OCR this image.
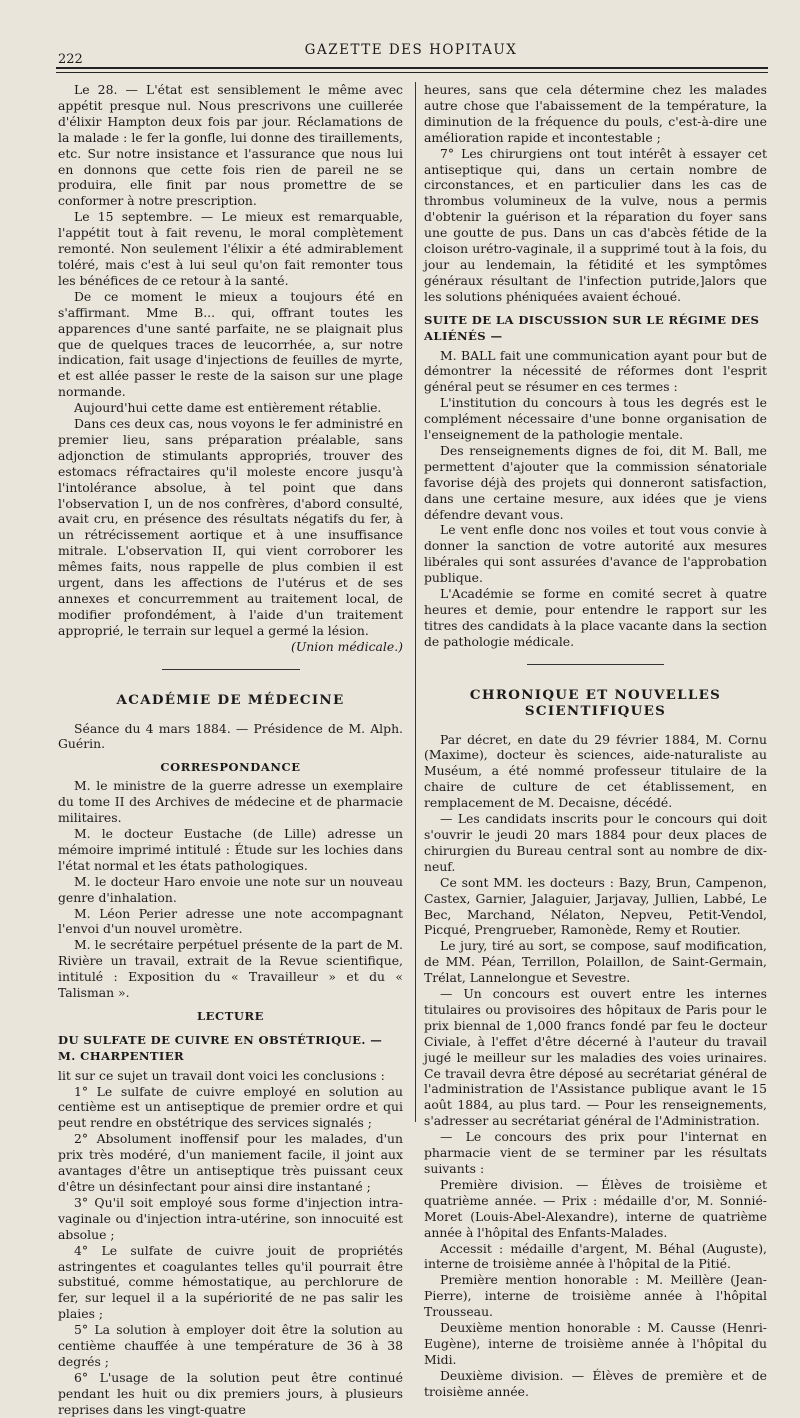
222
GAZETTE DES HOPITAUX

Le 28. — L'état est sensiblement le même avec appétit presque nul. Nous prescrivons une cuillerée d'élixir Hampton deux fois par jour. Réclamations de la malade : le fer la gonfle, lui donne des tiraillements, etc. Sur notre insistance et l'assurance que nous lui en donnons que cette fois rien de pareil ne se produira, elle finit par nous promettre de se conformer à notre prescription.

Le 15 septembre. — Le mieux est remarquable, l'appétit tout à fait revenu, le moral complètement remonté. Non seulement l'élixir a été admirablement toléré, mais c'est à lui seul qu'on fait remonter tous les bénéfices de ce retour à la santé.

De ce moment le mieux a toujours été en s'affirmant. Mme B... qui, offrant toutes les apparences d'une santé parfaite, ne se plaignait plus que de quelques traces de leucorrhée, a, sur notre indication, fait usage d'injections de feuilles de myrte, et est allée passer le reste de la saison sur une plage normande.

Aujourd'hui cette dame est entièrement rétablie.

Dans ces deux cas, nous voyons le fer administré en premier lieu, sans préparation préalable, sans adjonction de stimulants appropriés, trouver des estomacs réfractaires qu'il moleste encore jusqu'à l'intolérance absolue, à tel point que dans l'observation I, un de nos confrères, d'abord consulté, avait cru, en présence des résultats négatifs du fer, à un rétrécissement aortique et à une insuffisance mitrale. L'observation II, qui vient corroborer les mêmes faits, nous rappelle de plus combien il est urgent, dans les affections de l'utérus et de ses annexes et concurremment au traitement local, de modifier profondément, à l'aide d'un traitement approprié, le terrain sur lequel a germé la lésion.

(Union médicale.)

ACADÉMIE DE MÉDECINE

Séance du 4 mars 1884. — Présidence de M. Alph. Guérin.

CORRESPONDANCE

M. le ministre de la guerre adresse un exemplaire du tome II des Archives de médecine et de pharmacie militaires.

M. le docteur Eustache (de Lille) adresse un mémoire imprimé intitulé : Étude sur les lochies dans l'état normal et les états pathologiques.

M. le docteur Haro envoie une note sur un nouveau genre d'inhalation.

M. Léon Perier adresse une note accompagnant l'envoi d'un nouvel uromètre.

M. le secrétaire perpétuel présente de la part de M. Rivière un travail, extrait de la Revue scientifique, intitulé : Exposition du « Travailleur » et du « Talisman ».

LECTURE
DU SULFATE DE CUIVRE EN OBSTÉTRIQUE. — M. CHARPENTIER

lit sur ce sujet un travail dont voici les conclusions :

1° Le sulfate de cuivre employé en solution au centième est un antiseptique de premier ordre et qui peut rendre en obstétrique des services signalés ;

2° Absolument inoffensif pour les malades, d'un prix très modéré, d'un maniement facile, il joint aux avantages d'être un antiseptique très puissant ceux d'être un désinfectant pour ainsi dire instantané ;

3° Qu'il soit employé sous forme d'injection intra-vaginale ou d'injection intra-utérine, son innocuité est absolue ;

4° Le sulfate de cuivre jouit de propriétés astringentes et coagulantes telles qu'il pourrait être substitué, comme hémostatique, au perchlorure de fer, sur lequel il a la supériorité de ne pas salir les plaies ;

5° La solution à employer doit être la solution au centième chauffée à une température de 36 à 38 degrés ;

6° L'usage de la solution peut être continué pendant les huit ou dix premiers jours, à plusieurs reprises dans les vingt-quatre

heures, sans que cela détermine chez les malades autre chose que l'abaissement de la température, la diminution de la fréquence du pouls, c'est-à-dire une amélioration rapide et incontestable ;

7° Les chirurgiens ont tout intérêt à essayer cet antiseptique qui, dans un certain nombre de circonstances, et en particulier dans les cas de thrombus volumineux de la vulve, nous a permis d'obtenir la guérison et la réparation du foyer sans une goutte de pus. Dans un cas d'abcès fétide de la cloison urétro-vaginale, il a supprimé tout à la fois, du jour au lendemain, la fétidité et les symptômes généraux résultant de l'infection putride,]alors que les solutions phéniquées avaient échoué.

SUITE DE LA DISCUSSION SUR LE RÉGIME DES ALIÉNÉS —

M. BALL fait une communication ayant pour but de démontrer la nécessité de réformes dont l'esprit général peut se résumer en ces termes :

L'institution du concours à tous les degrés est le complément nécessaire d'une bonne organisation de l'enseignement de la pathologie mentale.

Des renseignements dignes de foi, dit M. Ball, me permettent d'ajouter que la commission sénatoriale favorise déjà des projets qui donneront satisfaction, dans une certaine mesure, aux idées que je viens défendre devant vous.

Le vent enfle donc nos voiles et tout vous convie à donner la sanction de votre autorité aux mesures libérales qui sont assurées d'avance de l'approbation publique.

L'Académie se forme en comité secret à quatre heures et demie, pour entendre le rapport sur les titres des candidats à la place vacante dans la section de pathologie médicale.

CHRONIQUE ET NOUVELLES SCIENTIFIQUES

Par décret, en date du 29 février 1884, M. Cornu (Maxime), docteur ès sciences, aide-naturaliste au Muséum, a été nommé professeur titulaire de la chaire de culture de cet établissement, en remplacement de M. Decaisne, décédé.

— Les candidats inscrits pour le concours qui doit s'ouvrir le jeudi 20 mars 1884 pour deux places de chirurgien du Bureau central sont au nombre de dix-neuf.

Ce sont MM. les docteurs : Bazy, Brun, Campenon, Castex, Garnier, Jalaguier, Jarjavay, Jullien, Labbé, Le Bec, Marchand, Nélaton, Nepveu, Petit-Vendol, Picqué, Prengrueber, Ramonède, Remy et Routier.

Le jury, tiré au sort, se compose, sauf modification, de MM. Péan, Terrillon, Polaillon, de Saint-Germain, Trélat, Lannelongue et Sevestre.

— Un concours est ouvert entre les internes titulaires ou provisoires des hôpitaux de Paris pour le prix biennal de 1,000 francs fondé par feu le docteur Civiale, à l'effet d'être décerné à l'auteur du travail jugé le meilleur sur les maladies des voies urinaires. Ce travail devra être déposé au secrétariat général de l'administration de l'Assistance publique avant le 15 août 1884, au plus tard. — Pour les renseignements, s'adresser au secrétariat général de l'Administration.

— Le concours des prix pour l'internat en pharmacie vient de se terminer par les résultats suivants :

Première division. — Élèves de troisième et quatrième année. — Prix : médaille d'or, M. Sonnié-Moret (Louis-Abel-Alexandre), interne de quatrième année à l'hôpital des Enfants-Malades.

Accessit : médaille d'argent, M. Béhal (Auguste), interne de troisième année à l'hôpital de la Pitié.

Première mention honorable : M. Meillère (Jean-Pierre), interne de troisième année à l'hôpital Trousseau.

Deuxième mention honorable : M. Causse (Henri-Eugène), interne de troisième année à l'hôpital du Midi.

Deuxième division. — Élèves de première et de troisième année.
